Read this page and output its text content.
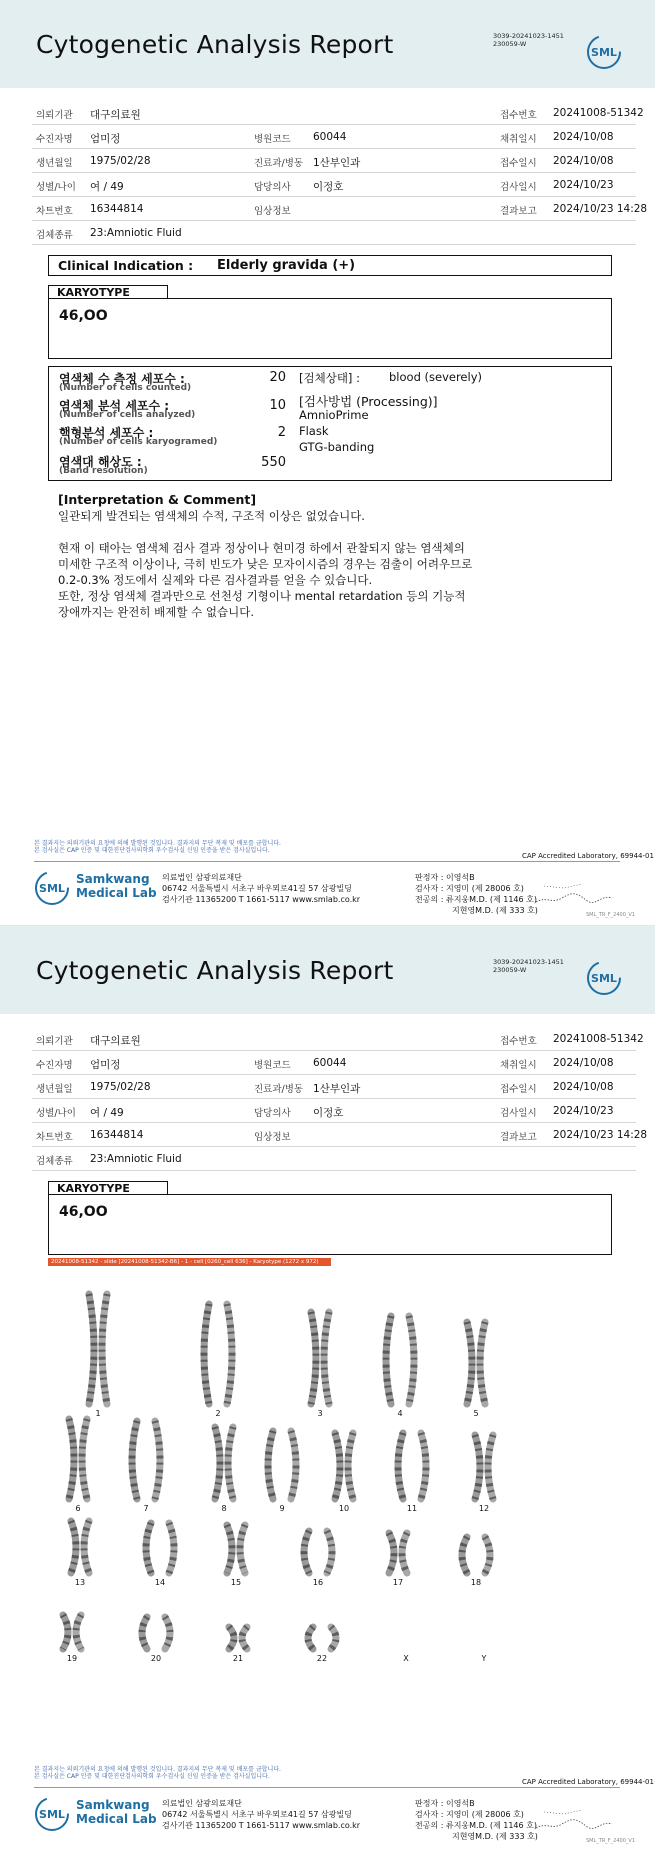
Cytogenetic Analysis Report	3039-20241023-1451
230059-W
SML
의뢰기관 대구의료원	접수번호 20241008-51342
수진자명 엄미정	병원코드 60044	채취일시 2024/10/08
생년월일 1975/02/28	진료과/병동 1산부인과	접수일시 2024/10/08
성별/나이 여 / 49	담당의사 이정호	검사일시 2024/10/23
차트번호 16344814	임상정보	결과보고 2024/10/23 14:28
검체종류 23:Amniotic Fluid
Clinical Indication : Elderly gravida (+)
KARYOTYPE
46,OO
염색체 수 측정 세포수 :
(Number of cells counted)
20
염색체 분석 세포수 :
(Number of cells analyzed)
10
핵형분석 세포수 :
(Number of cells karyogramed)
2
염색대 해상도 :
(Band resolution)
550
[검체상태] :	blood (severely)
[검사방법 (Processing)]
AmnioPrime
Flask
GTG-banding

[Interpretation & Comment]

일관되게 발견되는 염색체의 수적, 구조적 이상은 없었습니다.

현재 이 태아는 염색체 검사 결과 정상이나 현미경 하에서 관찰되지 않는 염색체의

미세한 구조적 이상이나, 극히 빈도가 낮은 모자이시즘의 경우는 검출이 어려우므로

0.2-0.3% 정도에서 실제와 다른 검사결과를 얻을 수 있습니다.

또한, 정상 염색체 결과만으로 선천성 기형이나 mental retardation 등의 기능적

장애까지는 완전히 배제할 수 없습니다.

본 결과지는 의뢰기관의 요청에 의해 발행된 것입니다. 결과지의 무단 복제 및 배포를 금합니다.
본 검사실은 CAP 인증 및 대한진단검사의학회 우수검사실 신임 인증을 받은 검사실입니다.
CAP Accredited Laboratory, 69944-01
SML
Samkwang
Medical Lab
의료법인 삼광의료재단
06742 서울특별시 서초구 바우뫼로41길 57 삼광빌딩
검사기관 11365200 T 1661-5117 www.smlab.co.kr
판정자 : 이영석B
검사자 : 지영미 (제 28006 호)
전공의 : 류지웅M.D. (제 1146 호)
지현영M.D. (제 333 호)	SML_TR_F_2400_V1
Cytogenetic Analysis Report	3039-20241023-1451
230059-W
SML
의뢰기관 대구의료원	접수번호 20241008-51342
수진자명 엄미정	병원코드 60044	채취일시 2024/10/08
생년월일 1975/02/28	진료과/병동 1산부인과	접수일시 2024/10/08
성별/나이 여 / 49	담당의사 이정호	검사일시 2024/10/23
차트번호 16344814	임상정보	결과보고 2024/10/23 14:28
검체종류 23:Amniotic Fluid
KARYOTYPE
46,OO
20241008-51342 - slide [20241008-51342-B6] - 1 - cell [0260_cell 636] - Karyotype (1272 x 972)
1	2	3	4	5
6	7	8	9	10	11	12
13	14	15	16	17	18
19	20	21	22	X	Y
본 결과지는 의뢰기관의 요청에 의해 발행된 것입니다. 결과지의 무단 복제 및 배포를 금합니다.
본 검사실은 CAP 인증 및 대한진단검사의학회 우수검사실 신임 인증을 받은 검사실입니다.
CAP Accredited Laboratory, 69944-01
SML
Samkwang
Medical Lab
의료법인 삼광의료재단
06742 서울특별시 서초구 바우뫼로41길 57 삼광빌딩
검사기관 11365200 T 1661-5117 www.smlab.co.kr
판정자 : 이영석B
검사자 : 지영미 (제 28006 호)
전공의 : 류지웅M.D. (제 1146 호)
지현영M.D. (제 333 호)	SML_TR_F_2400_V1
